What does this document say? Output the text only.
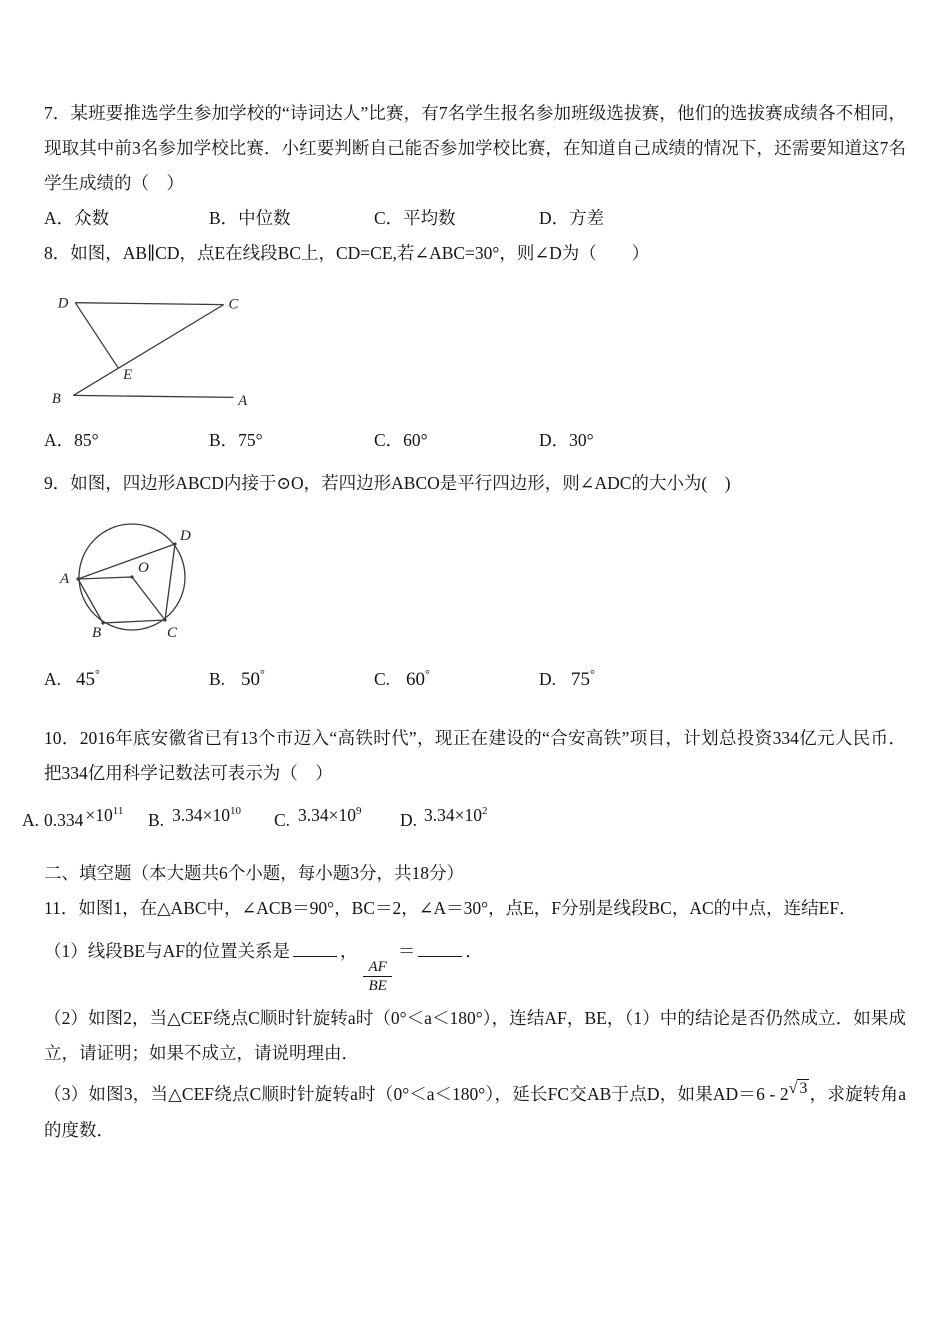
7．某班要推选学生参加学校的“诗词达人”比赛，有7名学生报名参加班级选拔赛，他们的选拔赛成绩各不相同，现取其中前3名参加学校比赛．小红要判断自己能否参加学校比赛，在知道自己成绩的情况下，还需要知道这7名学生成绩的（　）

A．众数	B．中位数	C．平均数	D．方差

8．如图，AB∥CD，点E在线段BC上，CD=CE,若∠ABC=30°，则∠D为（　　）

D	C
E
B	A
A．85°	B．75°	C．60°	D．30°

9．如图，四边形ABCD内接于⊙O，若四边形ABCO是平行四边形，则∠ADC的大小为(　)

A
D
O
B	C
A. 45°	B. 50°	C. 60°	D. 75°

10．2016年底安徽省已有13个市迈入“高铁时代”，现正在建设的“合安高铁”项目，计划总投资334亿元人民币．把334亿用科学记数法可表示为（　）

A. $0.334 \times 10^{11}$	B. $3.34\times 10^{10}$	C. $3.34\times 10^9$	D. $3.34\times 10^2$

二、填空题（本大题共6个小题，每小题3分，共18分）

11．如图1，在△ABC中，∠ACB＝90°，BC＝2，∠A＝30°，点E，F分别是线段BC，AC的中点，连结EF．

（1）线段BE与AF的位置关系是	，
$\frac{AF}{BE}$
＝	．

（2）如图2，当△CEF绕点C顺时针旋转a时（0°＜a＜180°），连结AF，BE，（1）中的结论是否仍然成立．如果成立，请证明；如果不成立，请说明理由．

（3）如图3，当△CEF绕点C顺时针旋转a时（0°＜a＜180°），延长FC交AB于点D，如果AD＝6 - 2√ 3 ，求旋转角a的度数．
